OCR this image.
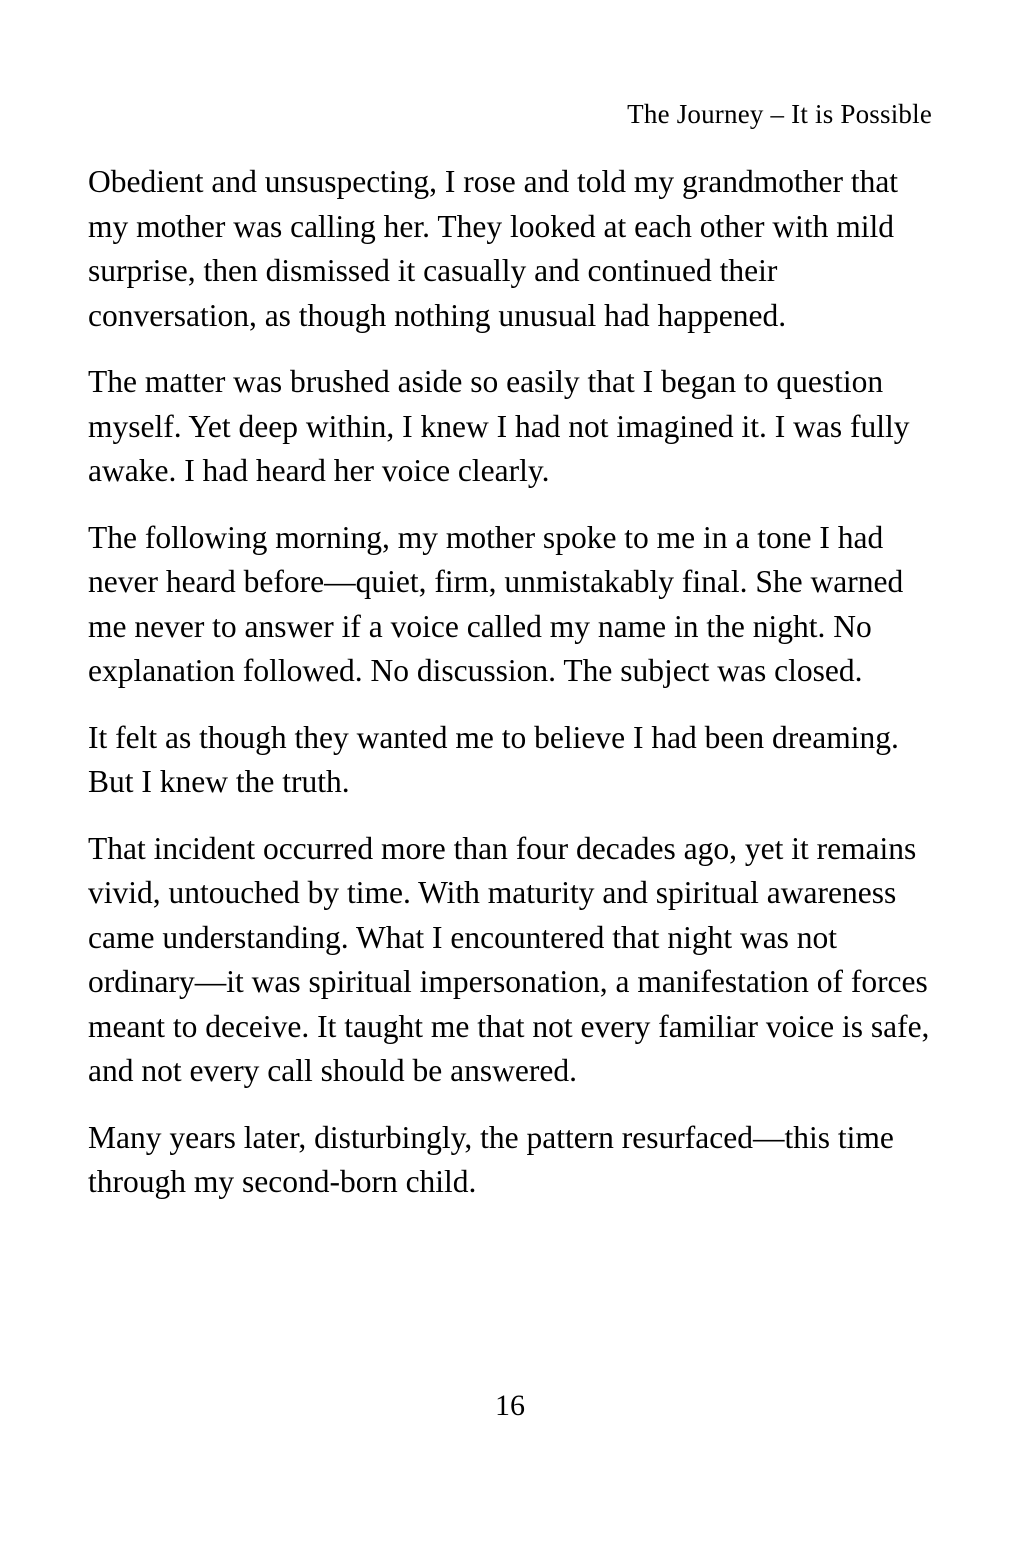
The Journey – It is Possible

Obedient and unsuspecting, I rose and told my grandmother that my mother was calling her. They looked at each other with mild surprise, then dismissed it casually and continued their conversation, as though nothing unusual had happened.

The matter was brushed aside so easily that I began to question myself. Yet deep within, I knew I had not imagined it. I was fully awake. I had heard her voice clearly.

The following morning, my mother spoke to me in a tone I had never heard before—quiet, firm, unmistakably final. She warned me never to answer if a voice called my name in the night. No explanation followed. No discussion. The subject was closed.

It felt as though they wanted me to believe I had been dreaming. But I knew the truth.

That incident occurred more than four decades ago, yet it remains vivid, untouched by time. With maturity and spiritual awareness came understanding. What I encountered that night was not ordinary—it was spiritual impersonation, a manifestation of forces meant to deceive. It taught me that not every familiar voice is safe, and not every call should be answered.

Many years later, disturbingly, the pattern resurfaced—this time through my second-born child.

16
